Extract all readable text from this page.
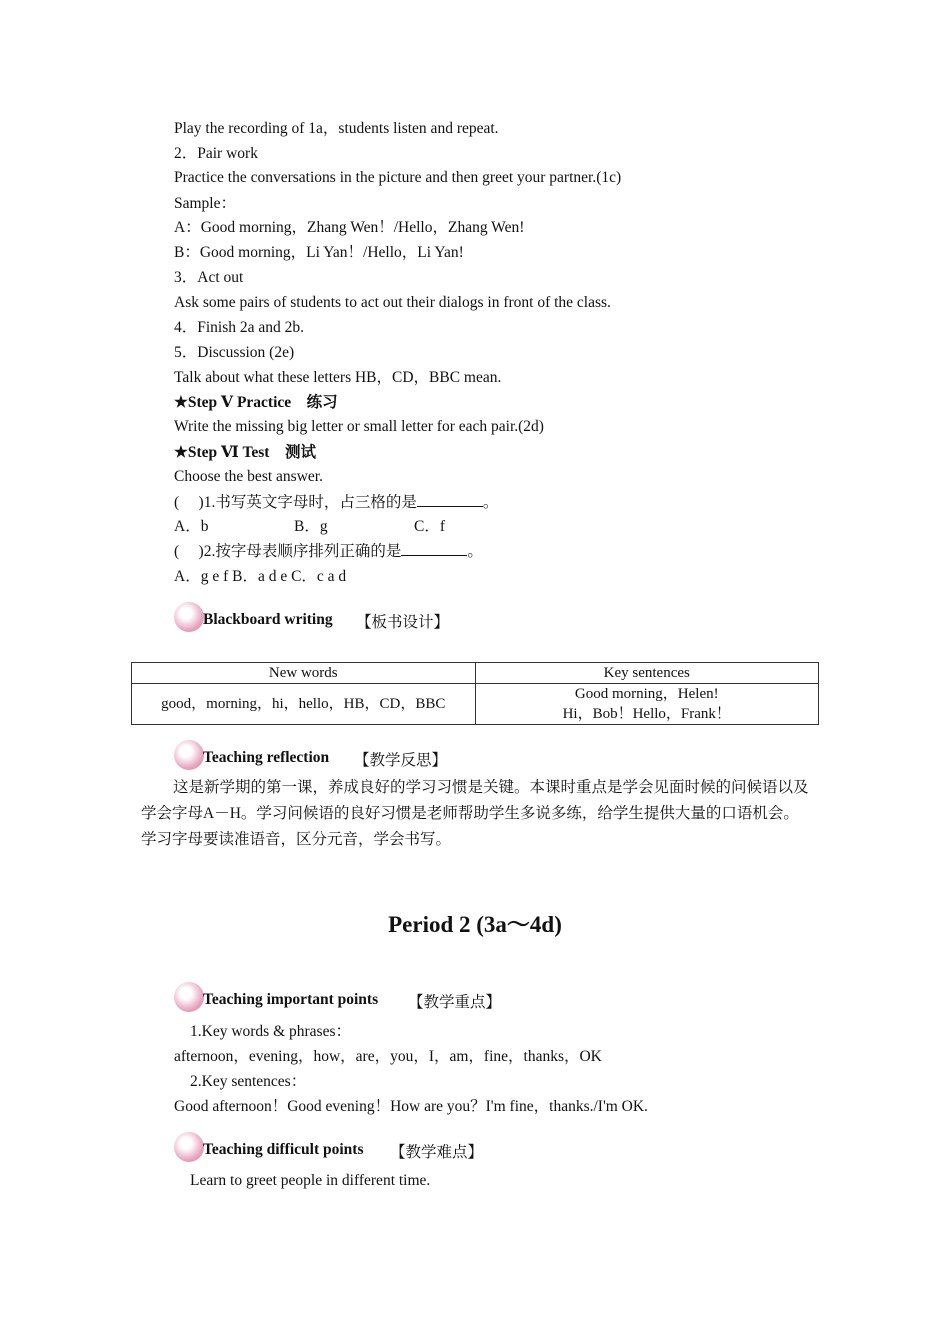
Play the recording of 1a，students listen and repeat.
2．Pair work
Practice the conversations in the picture and then greet your partner.(1c)
Sample：
A：Good morning，Zhang Wen！/Hello，Zhang Wen!
B：Good morning，Li Yan！/Hello，Li Yan!
3．Act out
Ask some pairs of students to act out their dialogs in front of the class.
4．Finish 2a and 2b.
5．Discussion (2e)
Talk about what these letters HB，CD，BBC mean.
★Step Ⅴ Practice　练习
Write the missing big letter or small letter for each pair.(2d)
★Step Ⅵ Test　测试
Choose the best answer.
(　 )1.书写英文字母时，占三格的是	。
A．b	B．g	C．f
(　 )2.按字母表顺序排列正确的是	。
A．g e f B．a d e C．c a d
Blackboard writing 【板书设计】
New words	Key sentences
good，morning，hi，hello，HB，CD，BBC	Good morning，Helen!
Hi，Bob！Hello，Frank！
Teaching reflection 【教学反思】
这是新学期的第一课，养成良好的学习习惯是关键。本课时重点是学会见面时候的问候语以及学会字母A－H。学习问候语的良好习惯是老师帮助学生多说多练，给学生提供大量的口语机会。学习字母要读准语音，区分元音，学会书写。
Period 2 (3a～4d)
Teaching important points 【教学重点】
1.Key words & phrases：
afternoon，evening，how，are，you，I，am，fine，thanks，OK
2.Key sentences：
Good afternoon！Good evening！How are you？I'm fine，thanks./I'm OK.
Teaching difficult points 【教学难点】
Learn to greet people in different time.
